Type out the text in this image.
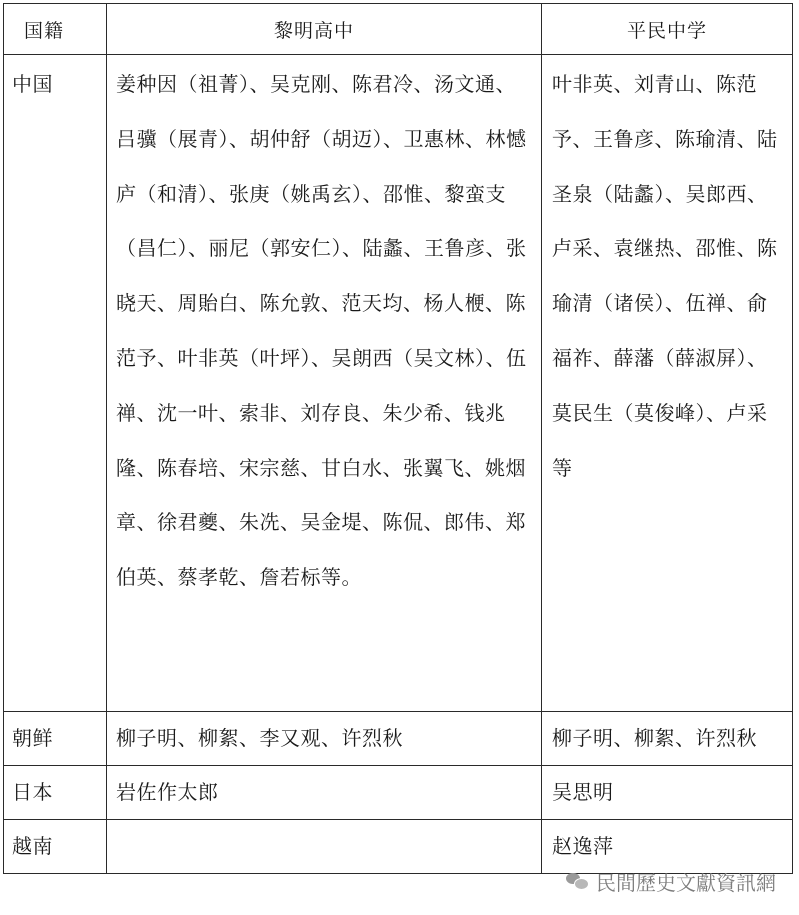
国籍	黎明高中	平民中学

中国	姜种因（祖菁）、吴克刚、陈君冷、汤文通、吕骥（展青）、胡仲舒（胡迈）、卫惠林、林憾庐（和清）、张庚（姚禹玄）、邵惟、黎蛮支（昌仁）、丽尼（郭安仁）、陆蠡、王鲁彦、张晓天、周貽白、陈允敦、范天均、杨人楩、陈范予、叶非英（叶坪）、吴朗西（吴文林）、伍禅、沈一叶、索非、刘存良、朱少希、钱兆隆、陈春培、宋宗慈、甘白水、张翼飞、姚烟章、徐君夔、朱冼、吴金堤、陈侃、郎伟、郑伯英、蔡孝乾、詹若标等。	叶非英、刘青山、陈范予、王鲁彦、陈瑜清、陆圣泉（陆蠡）、吴郎西、卢采、袁继热、邵惟、陈瑜清（诸侯）、伍禅、俞福祚、薛藩（薛淑屏）、莫民生（莫俊峰）、卢采等

朝鲜	柳子明、柳絮、李又观、许烈秋	柳子明、柳絮、许烈秋

日本	岩佐作太郎	吴思明

越南		赵逸萍
民間歷史文獻資訊網
